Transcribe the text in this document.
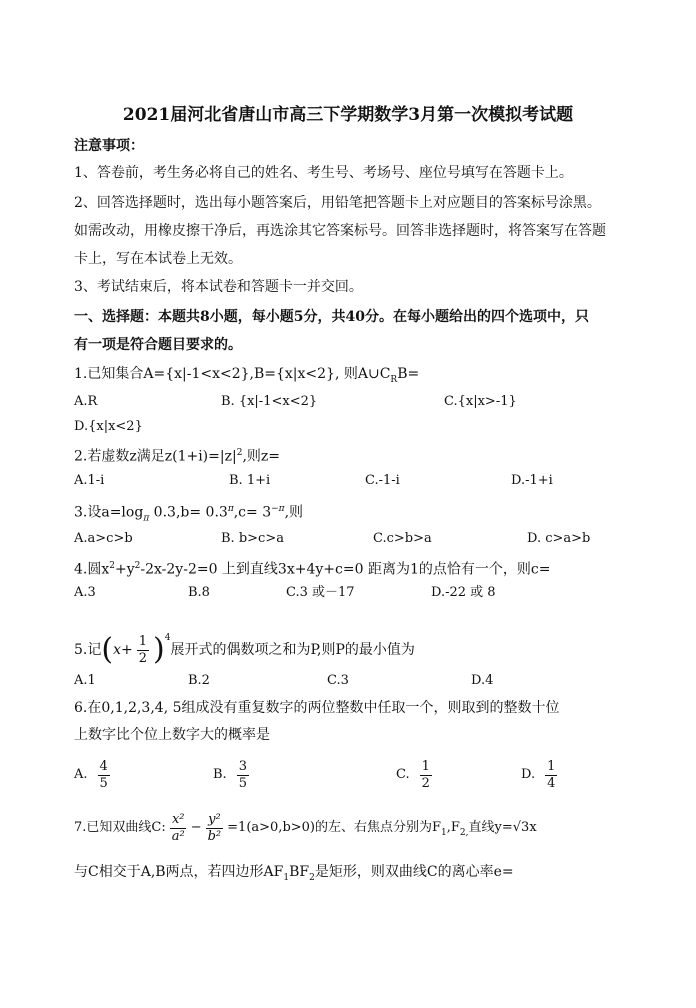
2021届河北省唐山市高三下学期数学3月第一次模拟考试题
注意事项：
1、答卷前，考生务必将自己的姓名、考生号、考场号、座位号填写在答题卡上。
2、回答选择题时，选出每小题答案后，用铅笔把答题卡上对应题目的答案标号涂黑。
如需改动，用橡皮擦干净后，再选涂其它答案标号。回答非选择题时，将答案写在答题
卡上，写在本试卷上无效。
3、考试结束后，将本试卷和答题卡一并交回。
一、选择题：本题共8小题，每小题5分，共40分。在每小题给出的四个选项中，只
有一项是符合题目要求的。
1.已知集合A={x|-1<x<2},B={x|x<2}, 则$A\cup C_RB=$
A.R	B. {x|-1<x<2}	C.{x|x>-1}
D.{x|x<2}
2.若虚数z满足$z(1+i)=|z|^2$,则z=
A.1-i	B. 1+i	C.-1-i	D.-1+i
3.设$a=\log_\pi$ $0.3,b= 0.3^\pi,c= 3^{-\pi}$,则
A.a>c>b	B. b>c>a	C.c>b>a	D. c>a>b
4.圆$x^2+y^2-2x-2y-2=0$ 上到直线3x+4y+c=0 距离为1的点恰有一个，则c=
A.3	B.8	C.3 或－17	D.-22 或 8
5.记$(x+ \frac{1}{2} )^4$展开式的偶数项之和为P,则P的最小值为
A.1	B.2	C.3	D.4
6.在0,1,2,3,4, 5组成没有重复数字的两位整数中任取一个，则取到的整数十位
上数字比个位上数字大的概率是
A. $\frac{4}{5}$	B. $\frac{3}{5}$	C. $\frac{1}{2}$	D. $\frac{1}{4}$
7.已知双曲线C: $\frac{\text{x²}}{\text{a²}} - \frac{\text{y²}}{\text{b²}} =1(a>0,b>0)$的左、右焦点分别为$F_1,F_{2,}$直线y=√3x
与C相交于A,B两点，若四边形$AF_1BF_2$是矩形，则双曲线C的离心率e=
